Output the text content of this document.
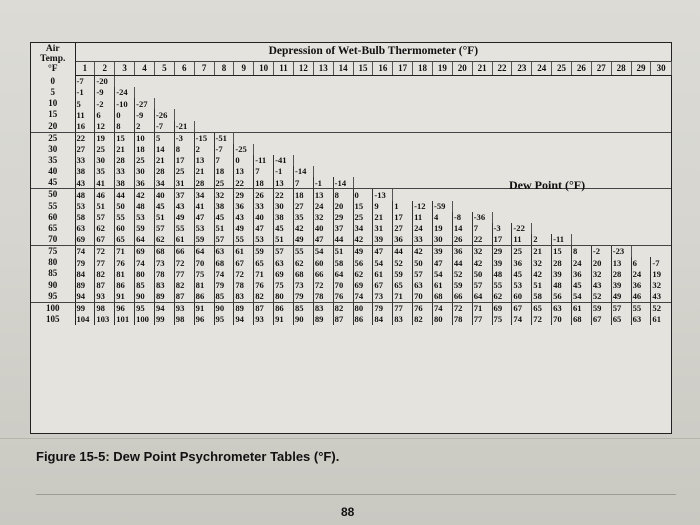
Air
Temp.
°F	Depression of Wet-Bulb Thermometer (°F)																													
	1	2	3	4	5	6	7	8	9	10	11	12	13	14	15	16	17	18	19	20	21	22	23	24	25	26	27	28	29	30
0	-7	-20																												
5	-1	-9	-24																											
10	5	-2	-10	-27																										
15	11	6	0	-9	-26																									
20	16	12	8	2	-7	-21																								
25	22	19	15	10	5	-3	-15	-51																						
30	27	25	21	18	14	8	2	-7	-25																					
35	33	30	28	25	21	17	13	7	0	-11	-41																			
40	38	35	33	30	28	25	21	18	13	7	-1	-14																		
45	43	41	38	36	34	31	28	25	22	18	13	7	-1	-14																
50	48	46	44	42	40	37	34	32	29	26	22	18	13	8	0	-13														
55	53	51	50	48	45	43	41	38	36	33	30	27	24	20	15	9	1	-12	-59											
60	58	57	55	53	51	49	47	45	43	40	38	35	32	29	25	21	17	11	4	-8	-36									
65	63	62	60	59	57	55	53	51	49	47	45	42	40	37	34	31	27	24	19	14	7	-3	-22							
70	69	67	65	64	62	61	59	57	55	53	51	49	47	44	42	39	36	33	30	26	22	17	11	2	-11					
75	74	72	71	69	68	66	64	63	61	59	57	55	54	51	49	47	44	42	39	36	32	29	25	21	15	8	-2	-23		
80	79	77	76	74	73	72	70	68	67	65	63	62	60	58	56	54	52	50	47	44	42	39	36	32	28	24	20	13	6	-7
85	84	82	81	80	78	77	75	74	72	71	69	68	66	64	62	61	59	57	54	52	50	48	45	42	39	36	32	28	24	19
90	89	87	86	85	83	82	81	79	78	76	75	73	72	70	69	67	65	63	61	59	57	55	53	51	48	45	43	39	36	32
95	94	93	91	90	89	87	86	85	83	82	80	79	78	76	74	73	71	70	68	66	64	62	60	58	56	54	52	49	46	43
100	99	98	96	95	94	93	91	90	89	87	86	85	83	82	80	79	77	76	74	72	71	69	67	65	63	61	59	57	55	52
105	104	103	101	100	99	98	96	95	94	93	91	90	89	87	86	84	83	82	80	78	77	75	74	72	70	68	67	65	63	61
Dew Point (°F)
Figure 15-5: Dew Point Psychrometer Tables (°F).
88
